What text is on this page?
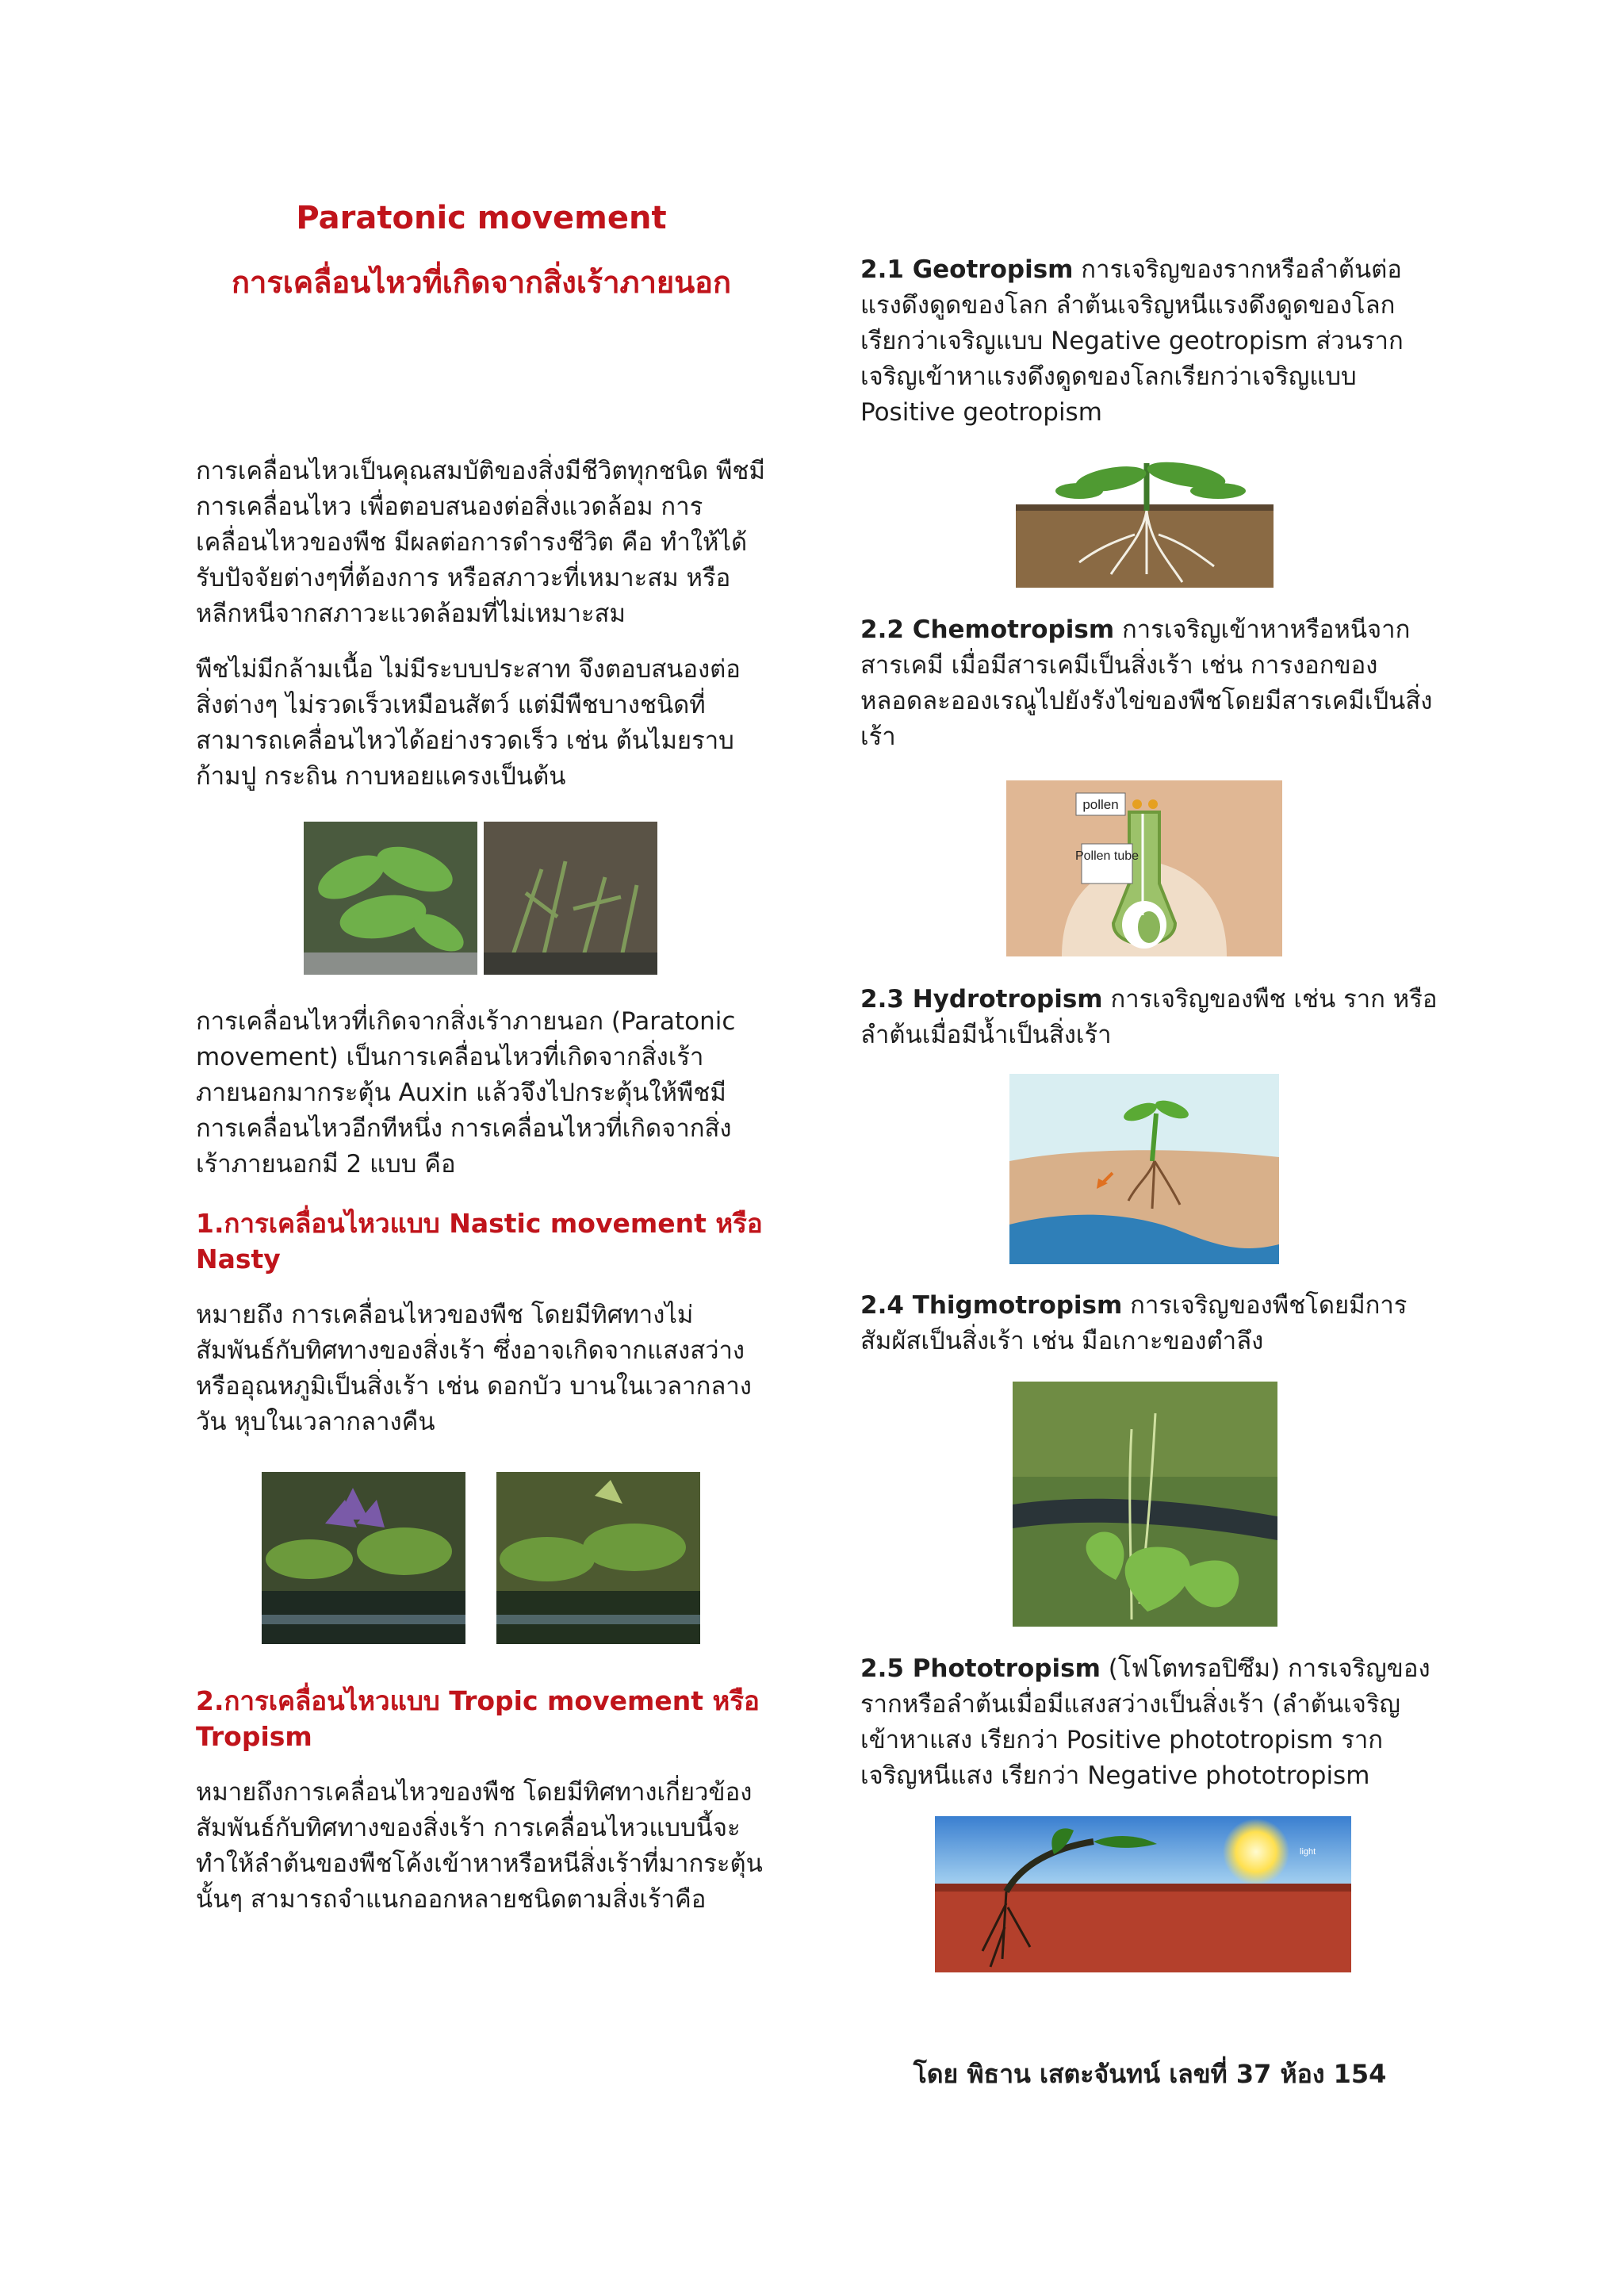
Paratonic movement
การเคลื่อนไหวที่เกิดจากสิ่งเร้าภายนอก

การเคลื่อนไหวเป็นคุณสมบัติของสิ่งมีชีวิตทุกชนิด พืชมีการเคลื่อนไหว เพื่อตอบสนองต่อสิ่งแวดล้อม การเคลื่อนไหวของพืช มีผลต่อการดำรงชีวิต คือ ทำให้ได้รับปัจจัยต่างๆที่ต้องการ หรือสภาวะที่เหมาะสม หรือหลีกหนีจากสภาวะแวดล้อมที่ไม่เหมาะสม

พืชไม่มีกล้ามเนื้อ ไม่มีระบบประสาท จึงตอบสนองต่อสิ่งต่างๆ ไม่รวดเร็วเหมือนสัตว์ แต่มีพืชบางชนิดที่สามารถเคลื่อนไหวได้อย่างรวดเร็ว เช่น ต้นไมยราบ ก้ามปู กระถิน กาบหอยแครงเป็นต้น

การเคลื่อนไหวที่เกิดจากสิ่งเร้าภายนอก (Paratonic movement) เป็นการเคลื่อนไหวที่เกิดจากสิ่งเร้าภายนอกมากระตุ้น Auxin แล้วจึงไปกระตุ้นให้พืชมีการเคลื่อนไหวอีกทีหนึ่ง การเคลื่อนไหวที่เกิดจากสิ่งเร้าภายนอกมี 2 แบบ คือ

1.การเคลื่อนไหวแบบ Nastic movement หรือ Nasty

หมายถึง การเคลื่อนไหวของพืช โดยมีทิศทางไม่สัมพันธ์กับทิศทางของสิ่งเร้า ซึ่งอาจเกิดจากแสงสว่างหรืออุณหภูมิเป็นสิ่งเร้า เช่น ดอกบัว บานในเวลากลางวัน หุบในเวลากลางคืน

2.การเคลื่อนไหวแบบ Tropic movement หรือ Tropism

หมายถึงการเคลื่อนไหวของพืช โดยมีทิศทางเกี่ยวข้องสัมพันธ์กับทิศทางของสิ่งเร้า การเคลื่อนไหวแบบนี้จะทำให้ลำต้นของพืชโค้งเข้าหาหรือหนีสิ่งเร้าที่มากระตุ้นนั้นๆ สามารถจำแนกออกหลายชนิดตามสิ่งเร้าคือ

2.1 Geotropism การเจริญของรากหรือลำต้นต่อแรงดึงดูดของโลก ลำต้นเจริญหนีแรงดึงดูดของโลกเรียกว่าเจริญแบบ Negative geotropism ส่วนรากเจริญเข้าหาแรงดึงดูดของโลกเรียกว่าเจริญแบบ Positive geotropism

2.2 Chemotropism การเจริญเข้าหาหรือหนีจากสารเคมี เมื่อมีสารเคมีเป็นสิ่งเร้า เช่น การงอกของหลอดละอองเรณูไปยังรังไข่ของพืชโดยมีสารเคมีเป็นสิ่งเร้า

pollen
Pollen tube

2.3 Hydrotropism การเจริญของพืช เช่น ราก หรือลำต้นเมื่อมีน้ำเป็นสิ่งเร้า

2.4 Thigmotropism การเจริญของพืชโดยมีการสัมผัสเป็นสิ่งเร้า เช่น มือเกาะของตำลึง

2.5 Phototropism (โฟโตทรอปิซึม) การเจริญของรากหรือลำต้นเมื่อมีแสงสว่างเป็นสิ่งเร้า (ลำต้นเจริญเข้าหาแสง เรียกว่า Positive phototropism รากเจริญหนีแสง เรียกว่า Negative phototropism

light
โดย พิธาน เสตะจันทน์ เลขที่ 37 ห้อง 154
